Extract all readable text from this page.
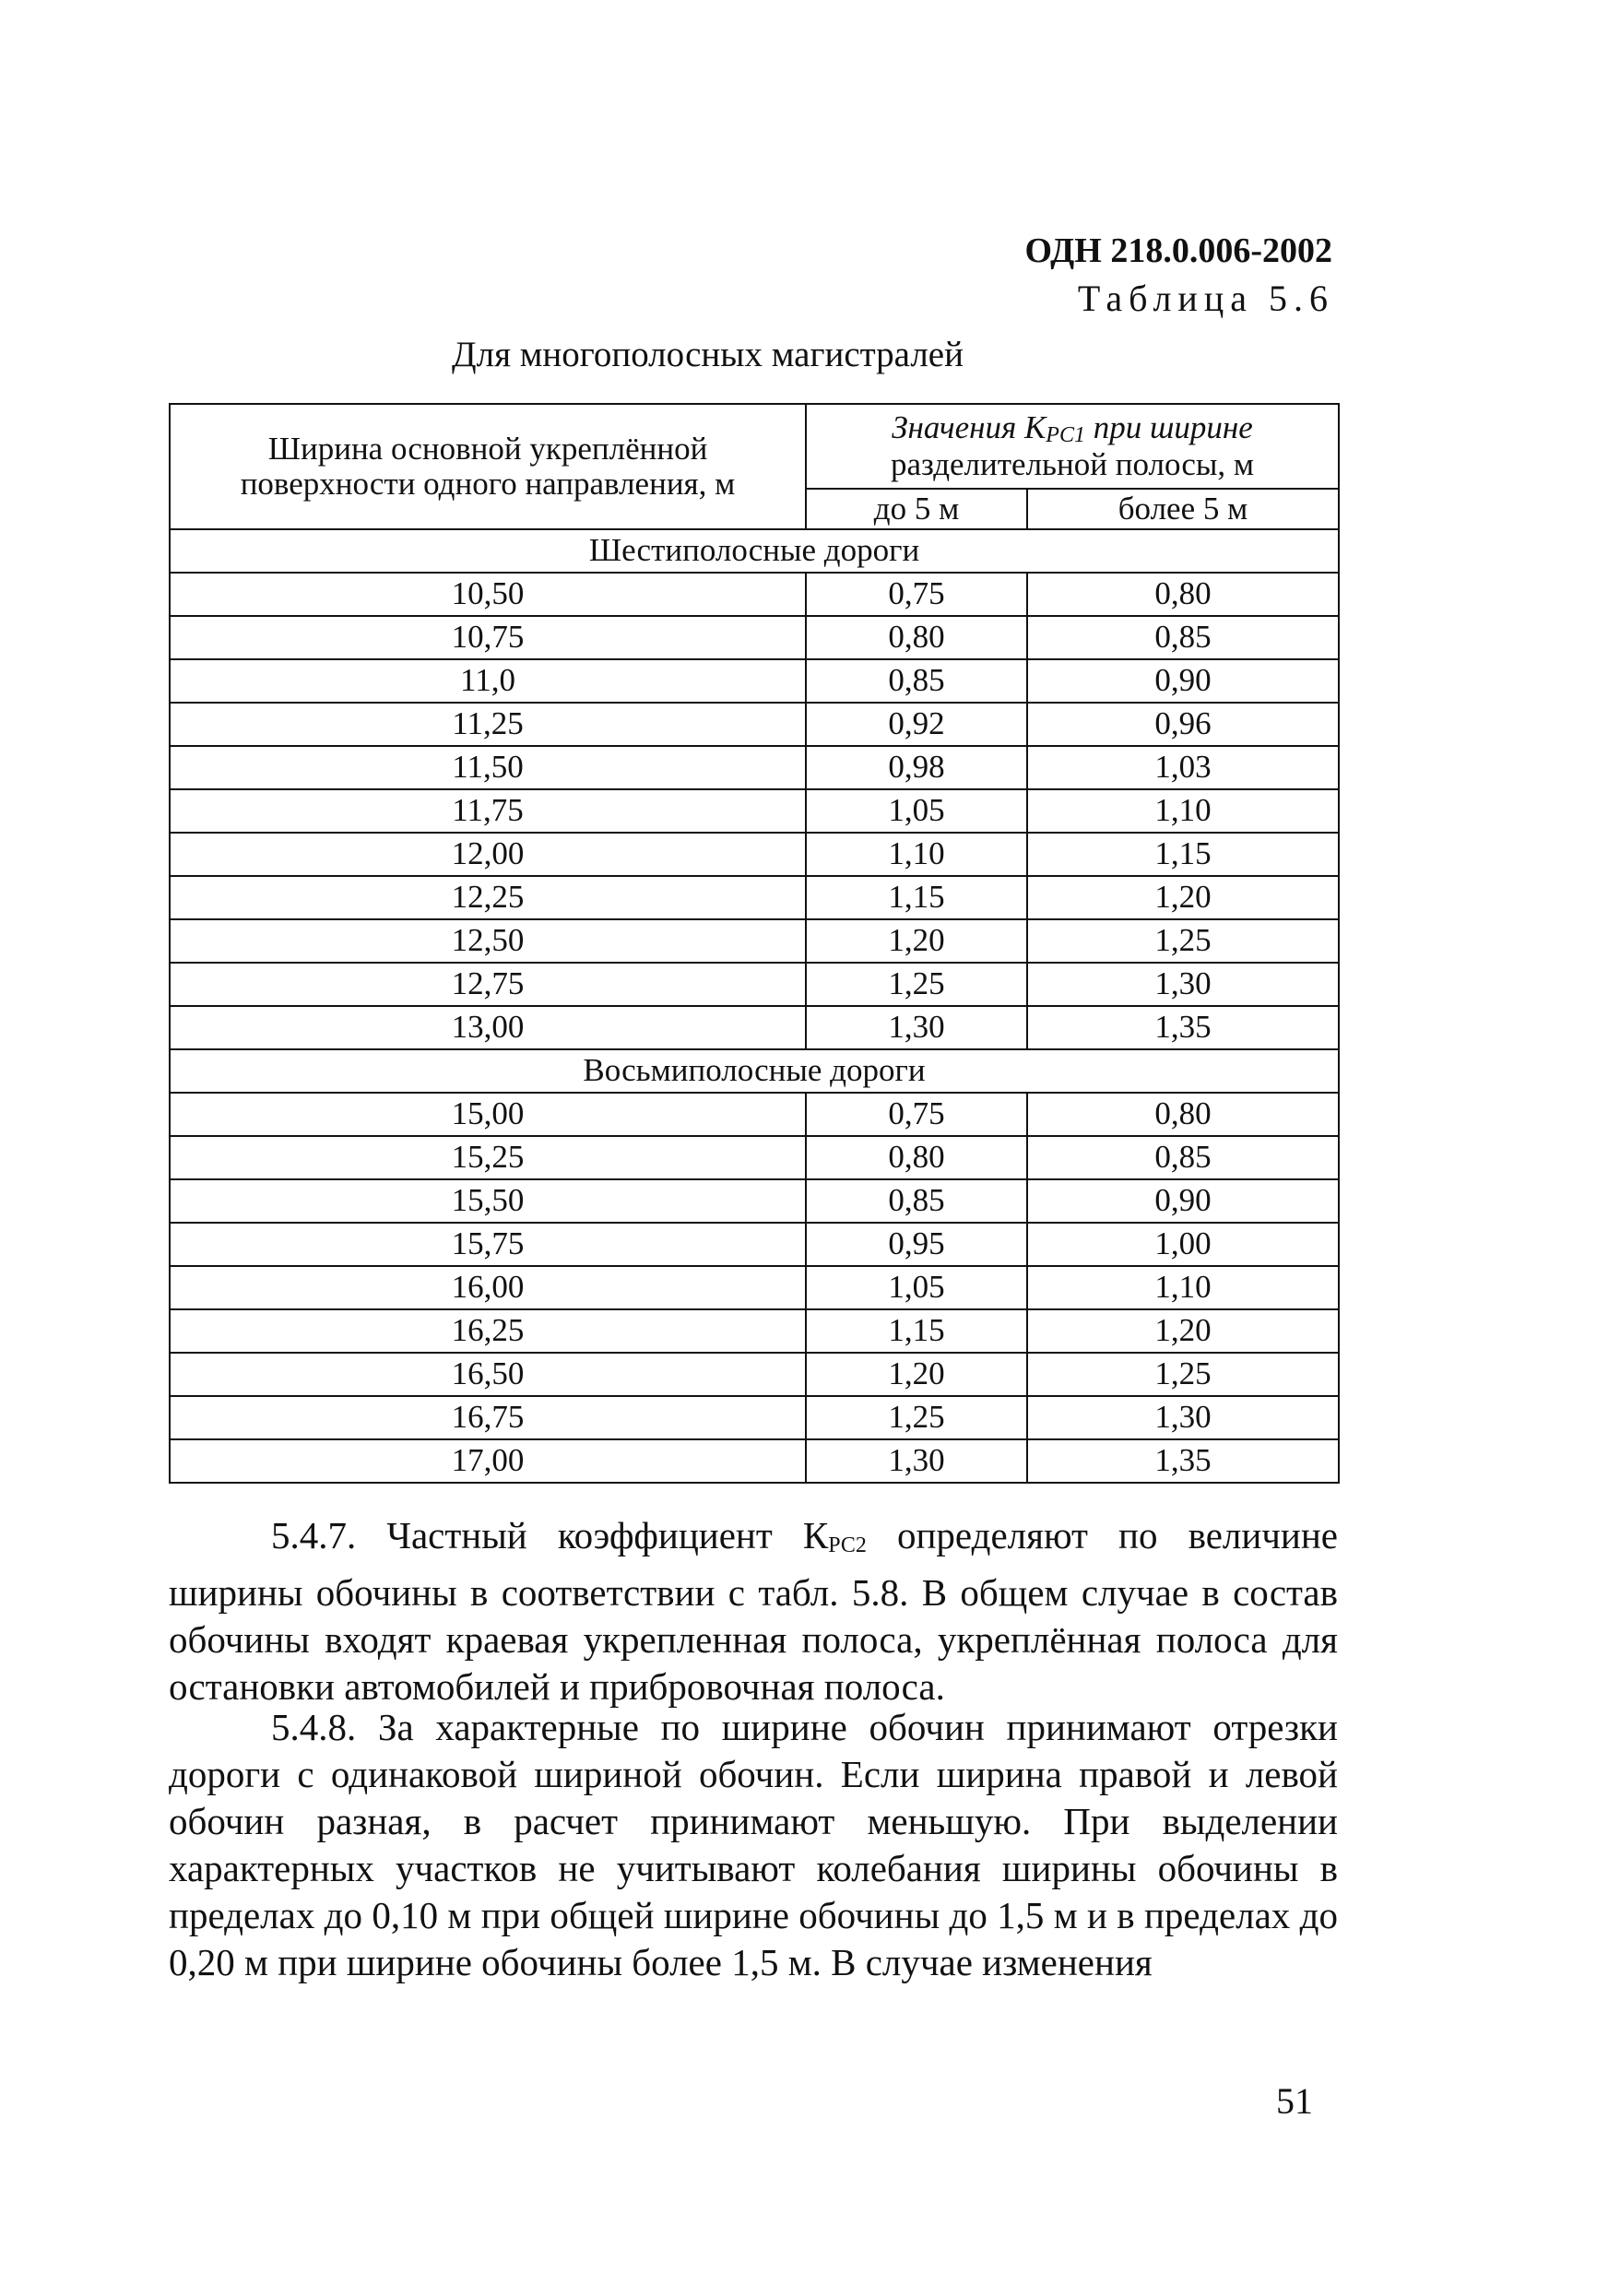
ОДН 218.0.006-2002
Таблица 5.6
Для многополосных магистралей
Ширина основной укреплённой поверхности одного направления, м	Значения КРС1 при ширине
разделительной полосы, м	
	до 5 м	более 5 м
Шестиполосные дороги		
10,50	0,75	0,80
10,75	0,80	0,85
11,0	0,85	0,90
11,25	0,92	0,96
11,50	0,98	1,03
11,75	1,05	1,10
12,00	1,10	1,15
12,25	1,15	1,20
12,50	1,20	1,25
12,75	1,25	1,30
13,00	1,30	1,35
Восьмиполосные дороги		
15,00	0,75	0,80
15,25	0,80	0,85
15,50	0,85	0,90
15,75	0,95	1,00
16,00	1,05	1,10
16,25	1,15	1,20
16,50	1,20	1,25
16,75	1,25	1,30
17,00	1,30	1,35

5.4.7. Частный коэффициент КРС2 определяют по величине ширины обочины в соответствии с табл. 5.8. В общем случае в состав обочины входят краевая укрепленная полоса, укреплённая полоса для остановки автомобилей и прибровочная полоса.

5.4.8. За характерные по ширине обочин принимают отрезки дороги с одинаковой шириной обочин. Если ширина правой и левой обочин разная, в расчет принимают меньшую. При выделении характерных участков не учитывают колебания ширины обочины в пределах до 0,10 м при общей ширине обочины до 1,5 м и в пределах до 0,20 м при ширине обочины более 1,5 м. В случае изменения

51
